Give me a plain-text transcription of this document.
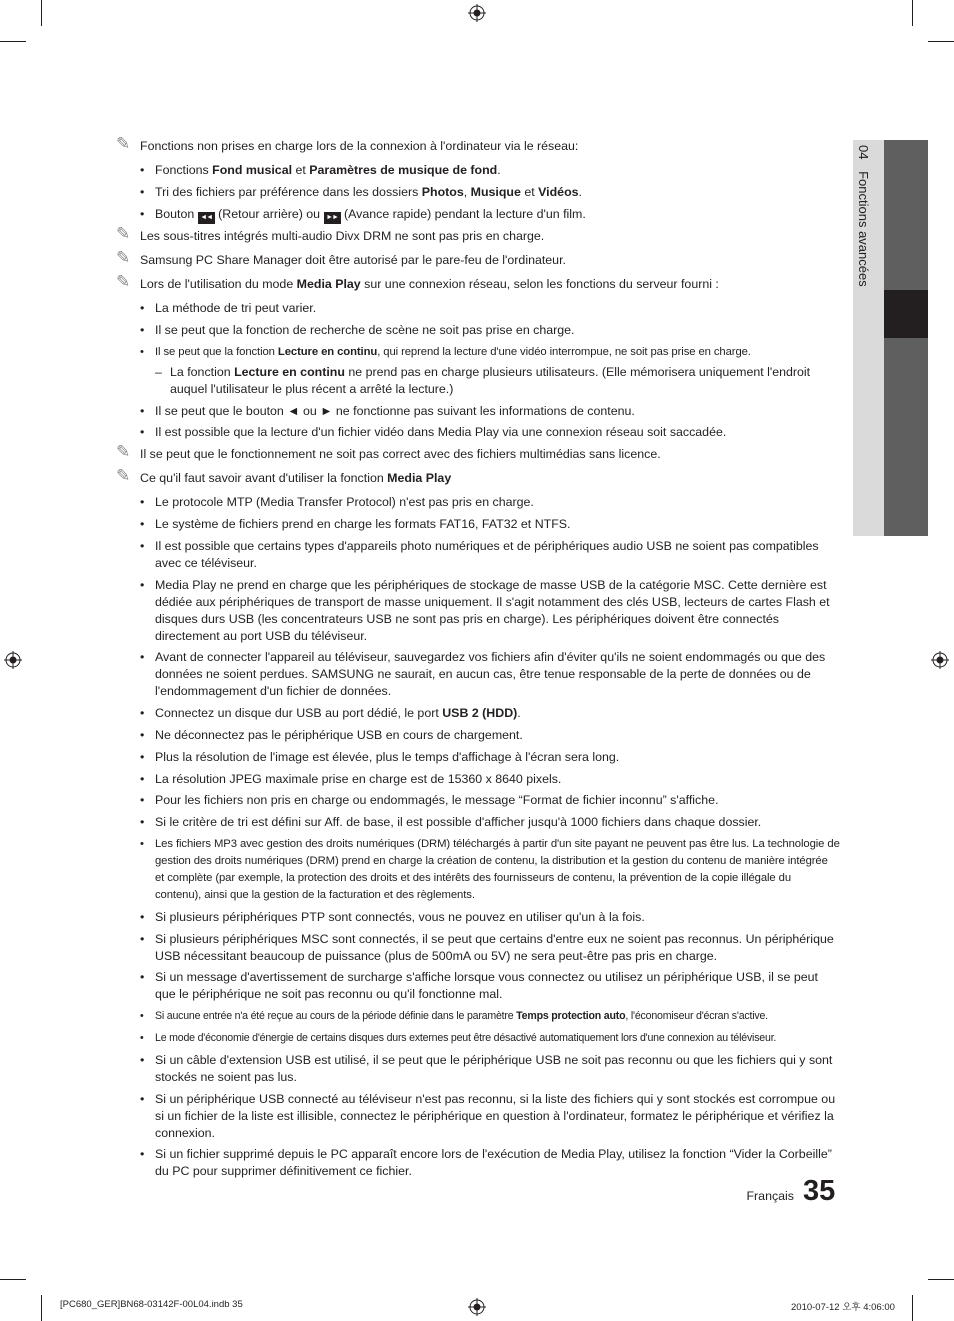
04 Fonctions avancées
✎ Fonctions non prises en charge lors de la connexion à l'ordinateur via le réseau:
• Fonctions Fond musical et Paramètres de musique de fond.
• Tri des fichiers par préférence dans les dossiers Photos, Musique et Vidéos.
• Bouton ◄◄ (Retour arrière) ou ►► (Avance rapide) pendant la lecture d'un film.
✎ Les sous-titres intégrés multi-audio Divx DRM ne sont pas pris en charge.
✎ Samsung PC Share Manager doit être autorisé par le pare-feu de l'ordinateur.
✎ Lors de l'utilisation du mode Media Play sur une connexion réseau, selon les fonctions du serveur fourni :
• La méthode de tri peut varier.
• Il se peut que la fonction de recherche de scène ne soit pas prise en charge.
• Il se peut que la fonction Lecture en continu, qui reprend la lecture d'une vidéo interrompue, ne soit pas prise en charge.
– La fonction Lecture en continu ne prend pas en charge plusieurs utilisateurs. (Elle mémorisera uniquement l'endroit auquel l'utilisateur le plus récent a arrêté la lecture.)
• Il se peut que le bouton ◄ ou ► ne fonctionne pas suivant les informations de contenu.
• Il est possible que la lecture d'un fichier vidéo dans Media Play via une connexion réseau soit saccadée.
✎ Il se peut que le fonctionnement ne soit pas correct avec des fichiers multimédias sans licence.
✎ Ce qu'il faut savoir avant d'utiliser la fonction Media Play
• Le protocole MTP (Media Transfer Protocol) n'est pas pris en charge.
• Le système de fichiers prend en charge les formats FAT16, FAT32 et NTFS.
• Il est possible que certains types d'appareils photo numériques et de périphériques audio USB ne soient pas compatibles avec ce téléviseur.
• Media Play ne prend en charge que les périphériques de stockage de masse USB de la catégorie MSC. Cette dernière est dédiée aux périphériques de transport de masse uniquement. Il s'agit notamment des clés USB, lecteurs de cartes Flash et disques durs USB (les concentrateurs USB ne sont pas pris en charge). Les périphériques doivent être connectés directement au port USB du téléviseur.
• Avant de connecter l'appareil au téléviseur, sauvegardez vos fichiers afin d'éviter qu'ils ne soient endommagés ou que des données ne soient perdues. SAMSUNG ne saurait, en aucun cas, être tenue responsable de la perte de données ou de l'endommagement d'un fichier de données.
• Connectez un disque dur USB au port dédié, le port USB 2 (HDD).
• Ne déconnectez pas le périphérique USB en cours de chargement.
• Plus la résolution de l'image est élevée, plus le temps d'affichage à l'écran sera long.
• La résolution JPEG maximale prise en charge est de 15360 x 8640 pixels.
• Pour les fichiers non pris en charge ou endommagés, le message “Format de fichier inconnu” s'affiche.
• Si le critère de tri est défini sur Aff. de base, il est possible d'afficher jusqu'à 1000 fichiers dans chaque dossier.
• Les fichiers MP3 avec gestion des droits numériques (DRM) téléchargés à partir d'un site payant ne peuvent pas être lus. La technologie de gestion des droits numériques (DRM) prend en charge la création de contenu, la distribution et la gestion du contenu de manière intégrée et complète (par exemple, la protection des droits et des intérêts des fournisseurs de contenu, la prévention de la copie illégale du contenu), ainsi que la gestion de la facturation et des règlements.
• Si plusieurs périphériques PTP sont connectés, vous ne pouvez en utiliser qu'un à la fois.
• Si plusieurs périphériques MSC sont connectés, il se peut que certains d'entre eux ne soient pas reconnus. Un périphérique USB nécessitant beaucoup de puissance (plus de 500mA ou 5V) ne sera peut-être pas pris en charge.
• Si un message d'avertissement de surcharge s'affiche lorsque vous connectez ou utilisez un périphérique USB, il se peut que le périphérique ne soit pas reconnu ou qu'il fonctionne mal.
• Si aucune entrée n'a été reçue au cours de la période définie dans le paramètre Temps protection auto, l'économiseur d'écran s'active.
• Le mode d'économie d'énergie de certains disques durs externes peut être désactivé automatiquement lors d'une connexion au téléviseur.
• Si un câble d'extension USB est utilisé, il se peut que le périphérique USB ne soit pas reconnu ou que les fichiers qui y sont stockés ne soient pas lus.
• Si un périphérique USB connecté au téléviseur n'est pas reconnu, si la liste des fichiers qui y sont stockés est corrompue ou si un fichier de la liste est illisible, connectez le périphérique en question à l'ordinateur, formatez le périphérique et vérifiez la connexion.
• Si un fichier supprimé depuis le PC apparaît encore lors de l'exécution de Media Play, utilisez la fonction “Vider la Corbeille” du PC pour supprimer définitivement ce fichier.
Français 35
[PC680_GER]BN68-03142F-00L04.indb 35	2010-07-12 오후 4:06:00
